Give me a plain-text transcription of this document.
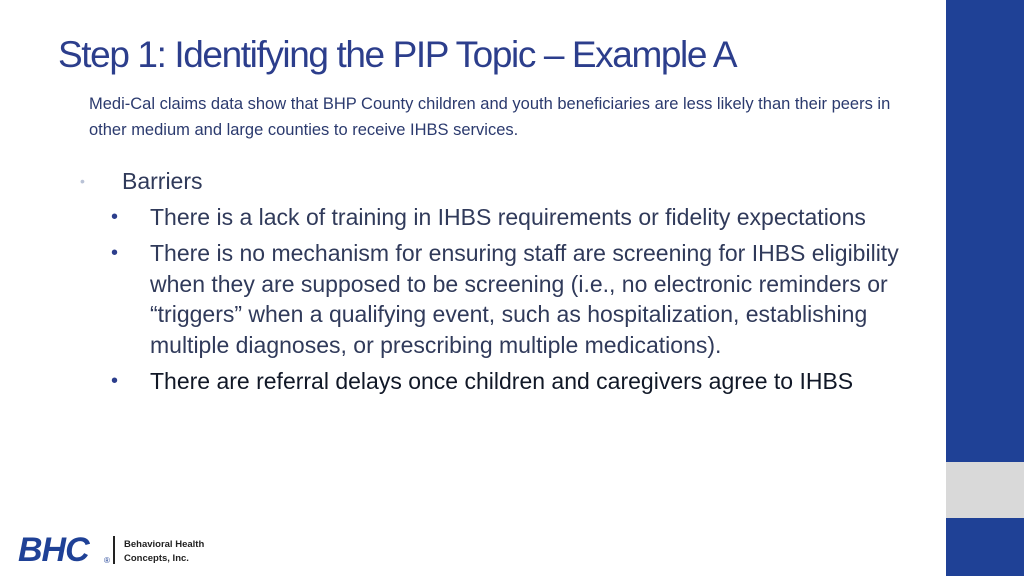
Step 1: Identifying the PIP Topic – Example A

Medi-Cal claims data show that BHP County children and youth beneficiaries are less likely than their peers in other medium and large counties to receive IHBS services.

• Barriers
• There is a lack of training in IHBS requirements or fidelity expectations
• There is no mechanism for ensuring staff are screening for IHBS eligibility when they are supposed to be screening (i.e., no electronic reminders or “triggers” when a qualifying event, such as hospitalization, establishing multiple diagnoses, or prescribing multiple medications).
• There are referral delays once children and caregivers agree to IHBS
BHC ®
Behavioral Health
Concepts, Inc.
